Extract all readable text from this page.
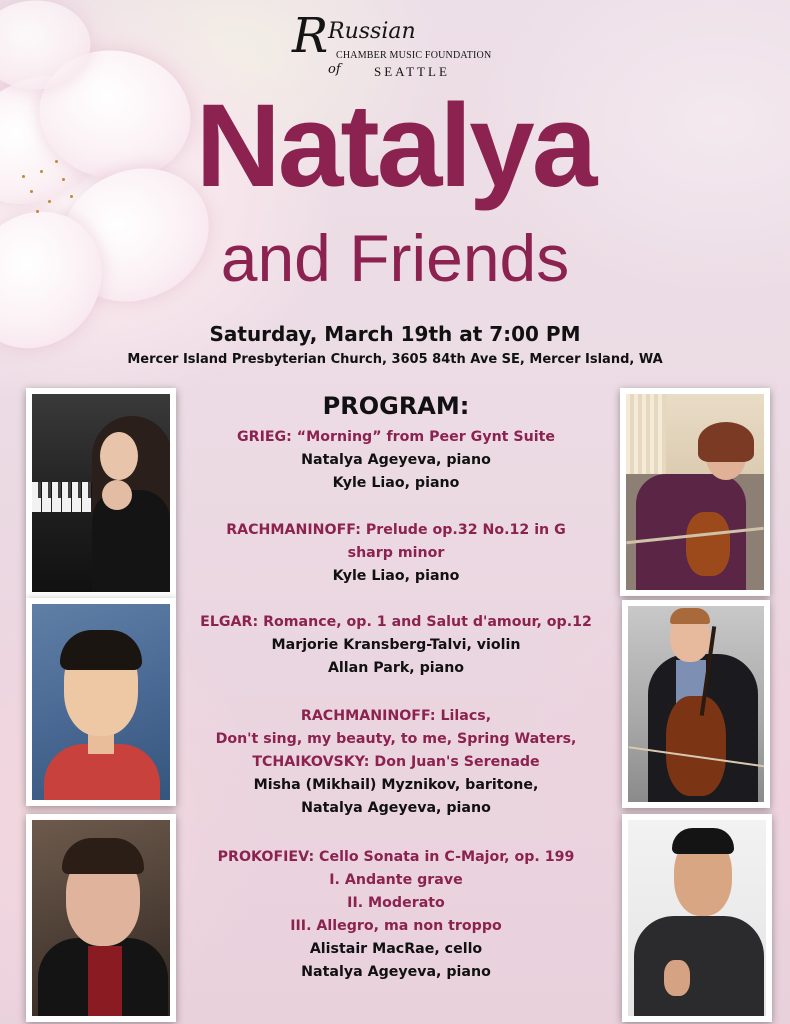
R Russian
CHAMBER MUSIC FOUNDATION
of	SEATTLE
Natalya
and Friends
Saturday, March 19th at 7:00 PM
Mercer Island Presbyterian Church, 3605 84th Ave SE, Mercer Island, WA
PROGRAM:
GRIEG: “Morning” from Peer Gynt Suite
Natalya Ageyeva, piano
Kyle Liao, piano
RACHMANINOFF: Prelude op.32 No.12 in G
sharp minor
Kyle Liao, piano
ELGAR: Romance, op. 1 and Salut d'amour, op.12
Marjorie Kransberg-Talvi, violin
Allan Park, piano
RACHMANINOFF: Lilacs,
Don't sing, my beauty, to me, Spring Waters,
TCHAIKOVSKY: Don Juan's Serenade
Misha (Mikhail) Myznikov, baritone,
Natalya Ageyeva, piano
PROKOFIEV: Cello Sonata in C-Major, op. 199
I. Andante grave
II. Moderato
III. Allegro, ma non troppo
Alistair MacRae, cello
Natalya Ageyeva, piano
